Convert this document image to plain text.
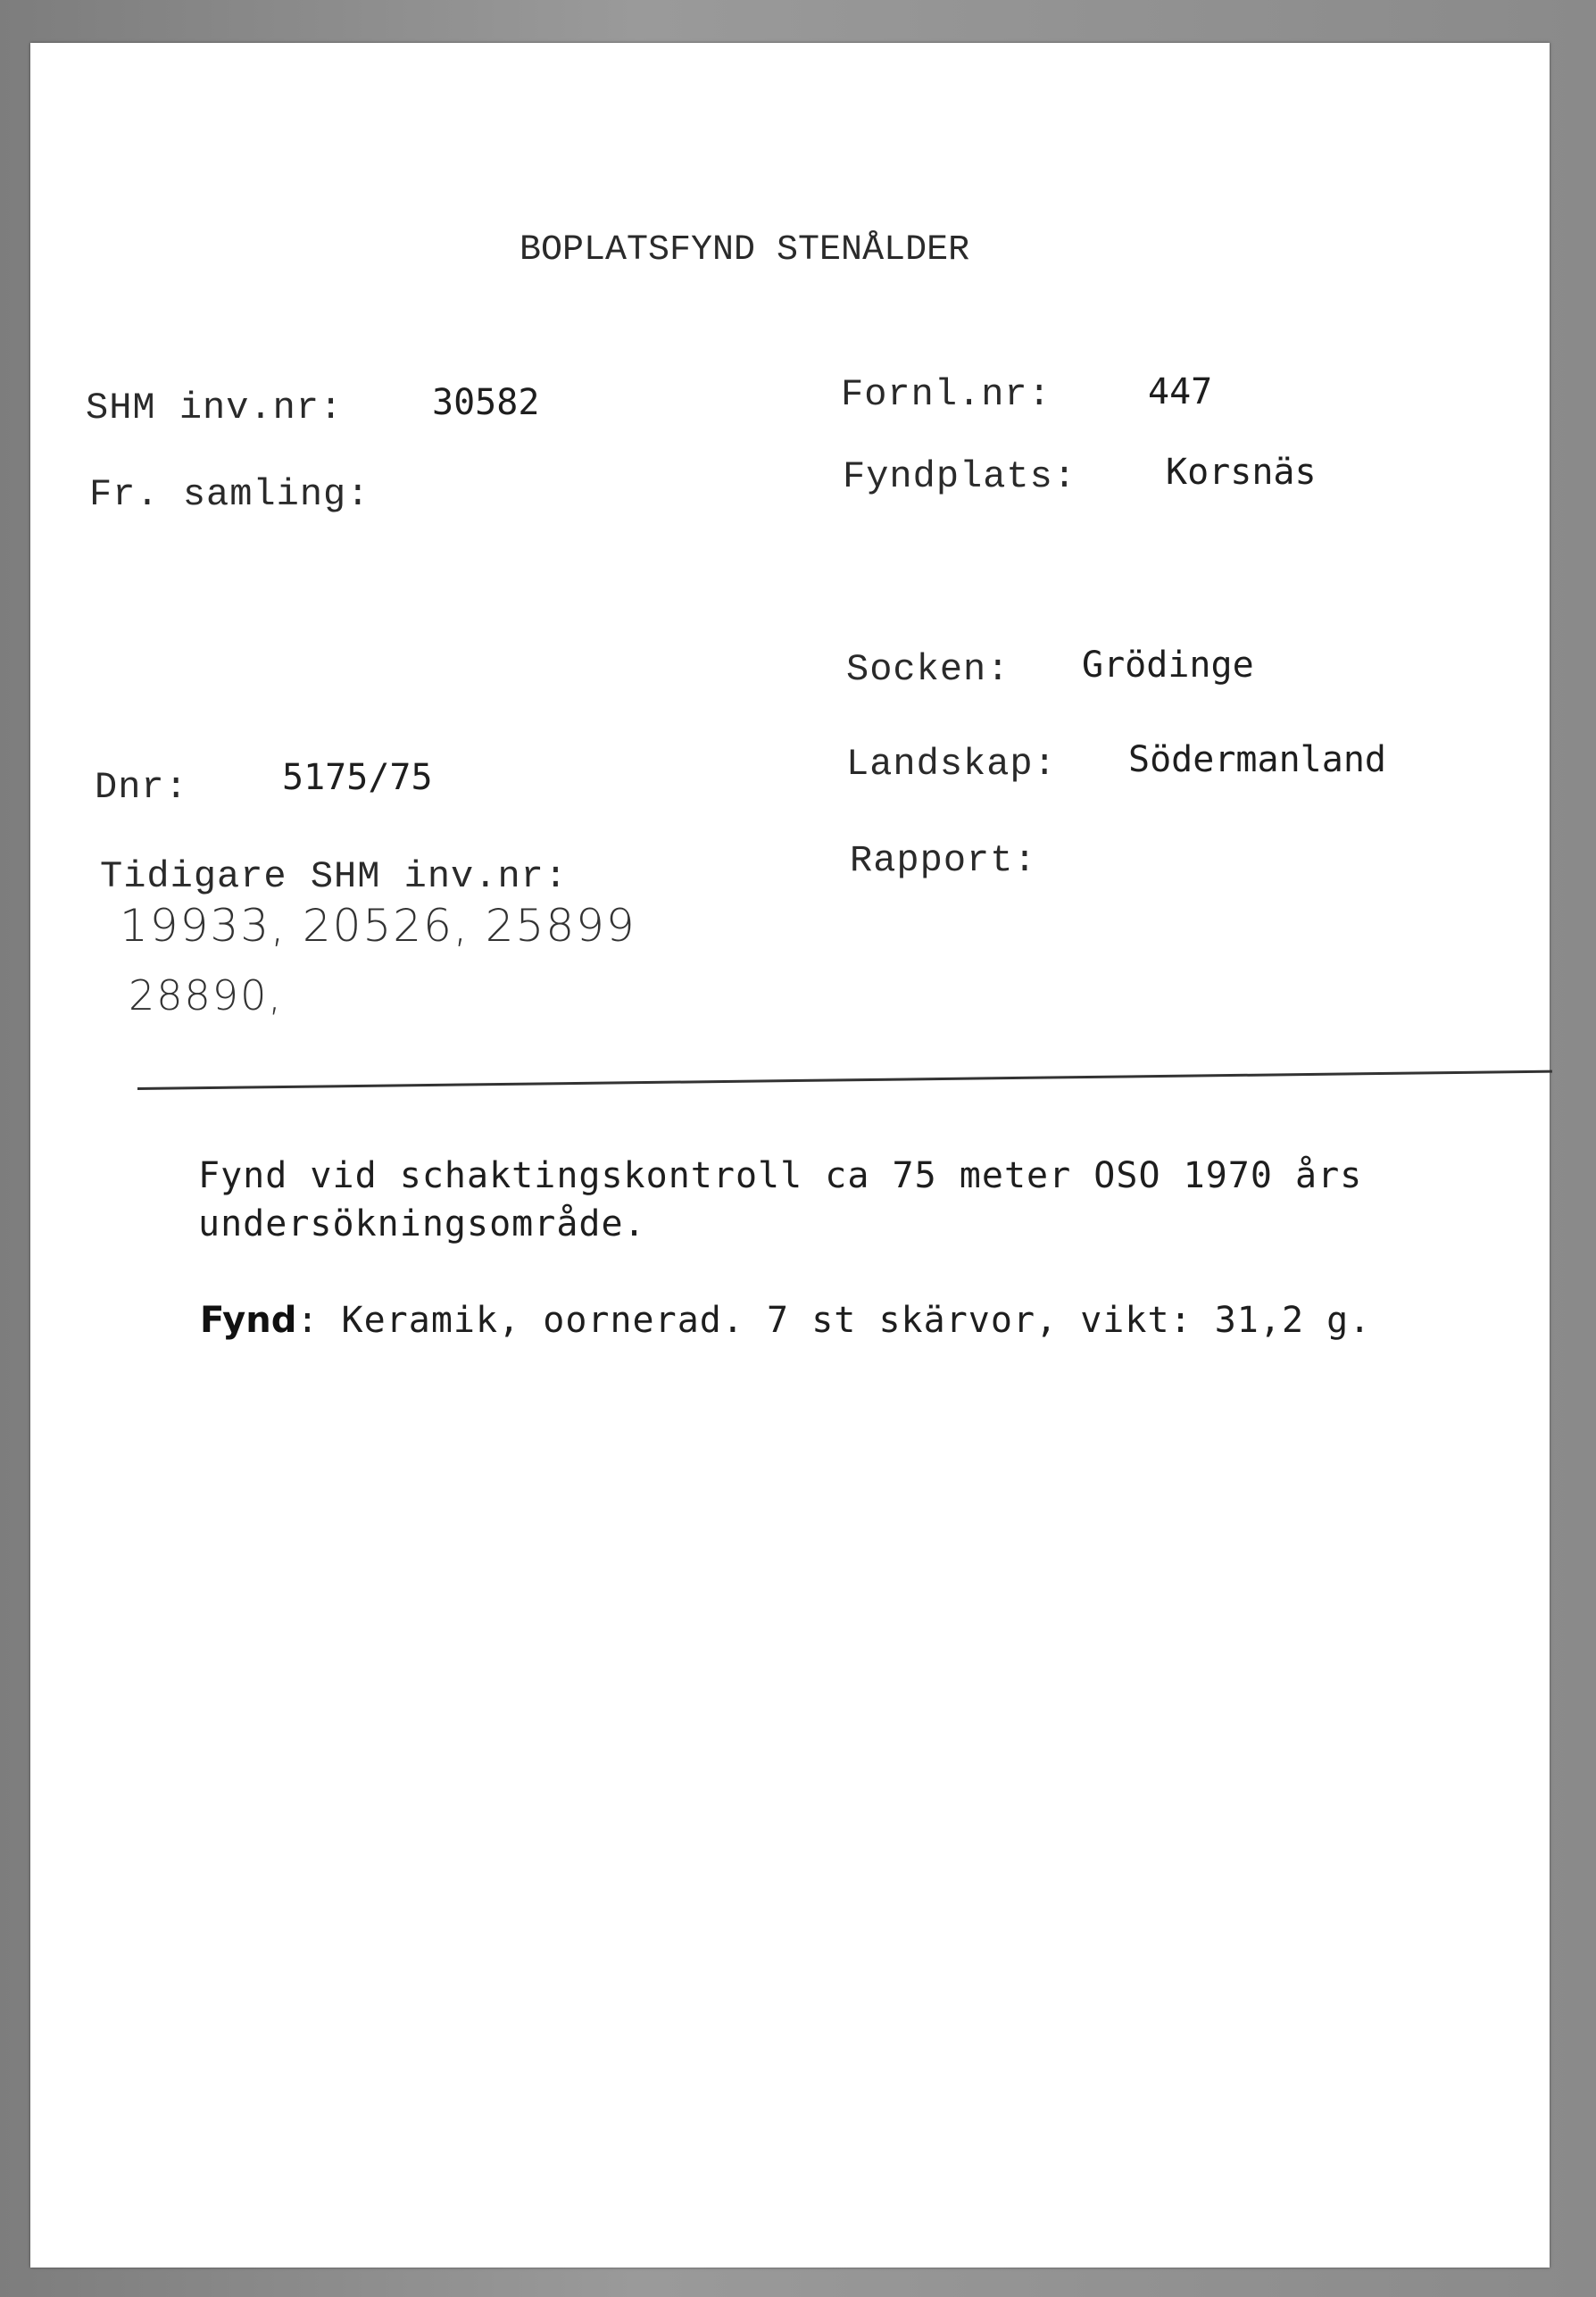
BOPLATSFYND STENÅLDER
SHM inv.nr: 30582	Fornl.nr:	447
Fr. samling:	Fyndplats: Korsnäs
Socken: Grödinge
Dnr:	5175/75	Landskap: Södermanland
Tidigare SHM inv.nr:	Rapport:
19933, 20526, 25899
28890,
Fynd vid schaktingskontroll ca 75 meter OSO 1970 års
undersökningsområde.
Fynd: Keramik, oornerad. 7 st skärvor, vikt: 31,2 g.
